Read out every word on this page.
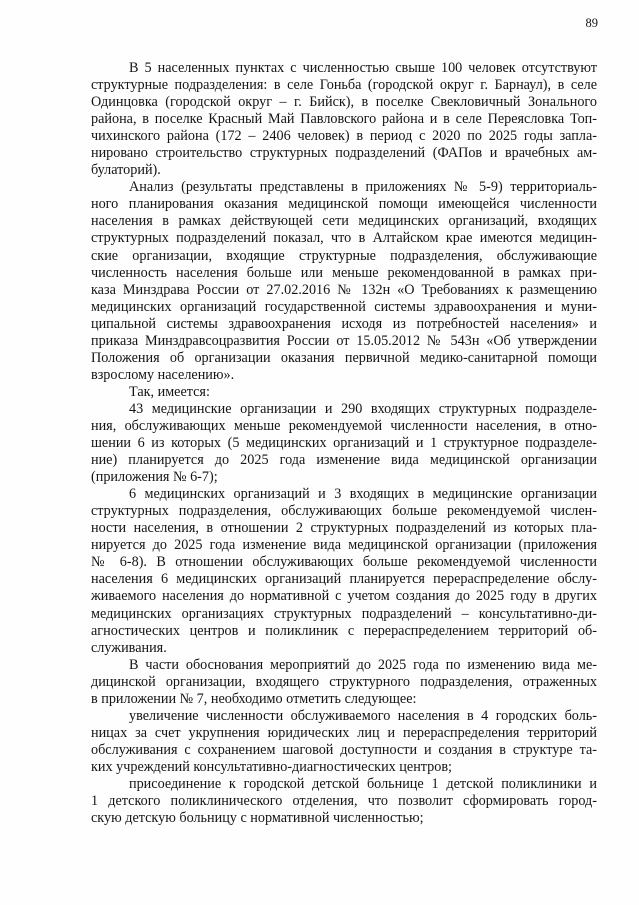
89

В 5 населенных пунктах с численностью свыше 100 человек отсутствуют
структурные подразделения: в селе Гоньба (городской округ г. Барнаул), в селе
Одинцовка (городской округ – г. Бийск), в поселке Свекловичный Зонального
района, в поселке Красный Май Павловского района и в селе Переясловка Топ-
чихинского района (172 – 2406 человек) в период с 2020 по 2025 годы запла-
нировано строительство структурных подразделений (ФАПов и врачебных ам-
булаторий).

Анализ (результаты представлены в приложениях № 5-9) территориаль-
ного планирования оказания медицинской помощи имеющейся численности
населения в рамках действующей сети медицинских организаций, входящих
структурных подразделений показал, что в Алтайском крае имеются медицин-
ские организации, входящие структурные подразделения, обслуживающие
численность населения больше или меньше рекомендованной в рамках при-
каза Минздрава России от 27.02.2016 № 132н «О Требованиях к размещению
медицинских организаций государственной системы здравоохранения и муни-
ципальной системы здравоохранения исходя из потребностей населения» и
приказа Минздравсоцразвития России от 15.05.2012 № 543н «Об утверждении
Положения об организации оказания первичной медико-санитарной помощи
взрослому населению».

Так, имеется:

43 медицинские организации и 290 входящих структурных подразделе-
ния, обслуживающих меньше рекомендуемой численности населения, в отно-
шении 6 из которых (5 медицинских организаций и 1 структурное подразделе-
ние) планируется до 2025 года изменение вида медицинской организации
(приложения № 6-7);

6 медицинских организаций и 3 входящих в медицинские организации
структурных подразделения, обслуживающих больше рекомендуемой числен-
ности населения, в отношении 2 структурных подразделений из которых пла-
нируется до 2025 года изменение вида медицинской организации (приложения
№ 6-8). В отношении обслуживающих больше рекомендуемой численности
населения 6 медицинских организаций планируется перераспределение обслу-
живаемого населения до нормативной с учетом создания до 2025 году в других
медицинских организациях структурных подразделений – консультативно-ди-
агностических центров и поликлиник с перераспределением территорий об-
служивания.

В части обоснования мероприятий до 2025 года по изменению вида ме-
дицинской организации, входящего структурного подразделения, отраженных
в приложении № 7, необходимо отметить следующее:

увеличение численности обслуживаемого населения в 4 городских боль-
ницах за счет укрупнения юридических лиц и перераспределения территорий
обслуживания с сохранением шаговой доступности и создания в структуре та-
ких учреждений консультативно-диагностических центров;

присоединение к городской детской больнице 1 детской поликлиники и
1 детского поликлинического отделения, что позволит сформировать город-
скую детскую больницу с нормативной численностью;
